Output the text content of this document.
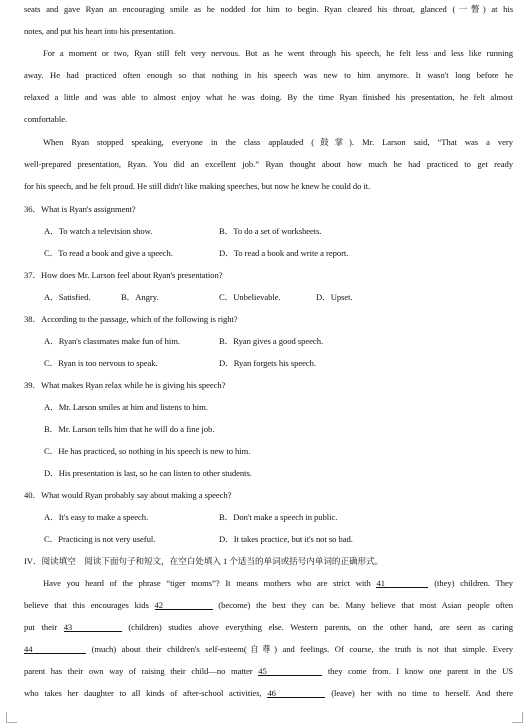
seats and gave Ryan an encouraging smile as he nodded for him to begin. Ryan cleared his throat, glanced (一瞥) at his
notes, and put his heart into his presentation.
For a moment or two, Ryan still felt very nervous. But as he went through his speech, he felt less and less like running
away. He had practiced often enough so that nothing in his speech was new to him anymore. It wasn't long before he
relaxed a little and was able to almost enjoy what he was doing. By the time Ryan finished his presentation, he felt almost
comfortable.
When Ryan stopped speaking, everyone in the class applauded (鼓掌). Mr. Larson said, “That was a very
well-prepared presentation, Ryan. You did an excellent job.” Ryan thought about how much he had practiced to get ready
for his speech, and he felt proud. He still didn't like making speeches, but now he knew he could do it.
36．What is Ryan's assignment?
A．To watch a television show.	B．To do a set of worksheets.
C．To read a book and give a speech.	D．To read a book and write a report.
37．How does Mr. Larson feel about Ryan's presentation?
A．Satisfied.	B．Angry.	C．Unbelievable.	D．Upset.
38．According to the passage, which of the following is right?
A．Ryan's classmates make fun of him.	B．Ryan gives a good speech.
C．Ryan is too nervous to speak.	D．Ryan forgets his speech.
39．What makes Ryan relax while he is giving his speech?
A．Mr. Larson smiles at him and listens to him.
B．Mr. Larson tells him that he will do a fine job.
C．He has practiced, so nothing in his speech is new to him.
D．His presentation is last, so he can listen to other students.
40．What would Ryan probably say about making a speech?
A．It's easy to make a speech.	B．Don't make a speech in public.
C．Practicing is not very useful.	D．It takes practice, but it's not so bad.
IV．阅读填空　阅读下面句子和短文，在空白处填入 1 个适当的单词或括号内单词的正确形式。
Have you heard of the phrase “tiger moms”? It means mothers who are strict with 41	(they) children. They
believe that this encourages kids 42	(become) the best they can be. Many believe that most Asian people often
put their 43	(children) studies above everything else. Western parents, on the other hand, are seen as caring
44	(much) about their children's self-esteem(自尊) and feelings. Of course, the truth is not that simple. Every
parent has their own way of raising their child—no matter 45	they come from. I know one parent in the US
who takes her daughter to all kinds of after-school activities, 46	(leave) her with no time to herself. And there
